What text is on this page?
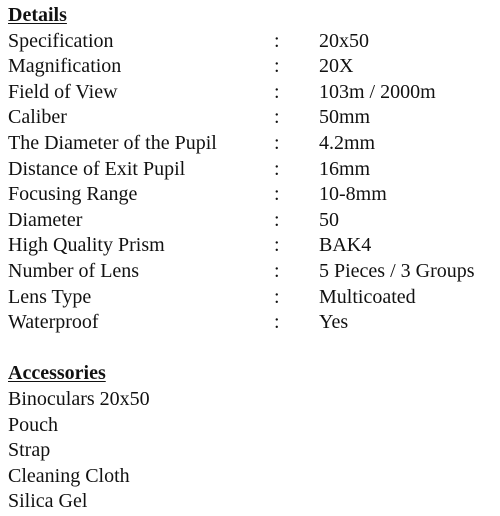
Details
Specification	:	20x50
Magnification	:	20X
Field of View	:	103m / 2000m
Caliber	:	50mm
The Diameter of the Pupil	:	4.2mm
Distance of Exit Pupil	:	16mm
Focusing Range	:	10-8mm
Diameter	:	50
High Quality Prism	:	BAK4
Number of Lens	:	5 Pieces / 3 Groups
Lens Type	:	Multicoated
Waterproof	:	Yes
Accessories
Binoculars 20x50
Pouch
Strap
Cleaning Cloth
Silica Gel
